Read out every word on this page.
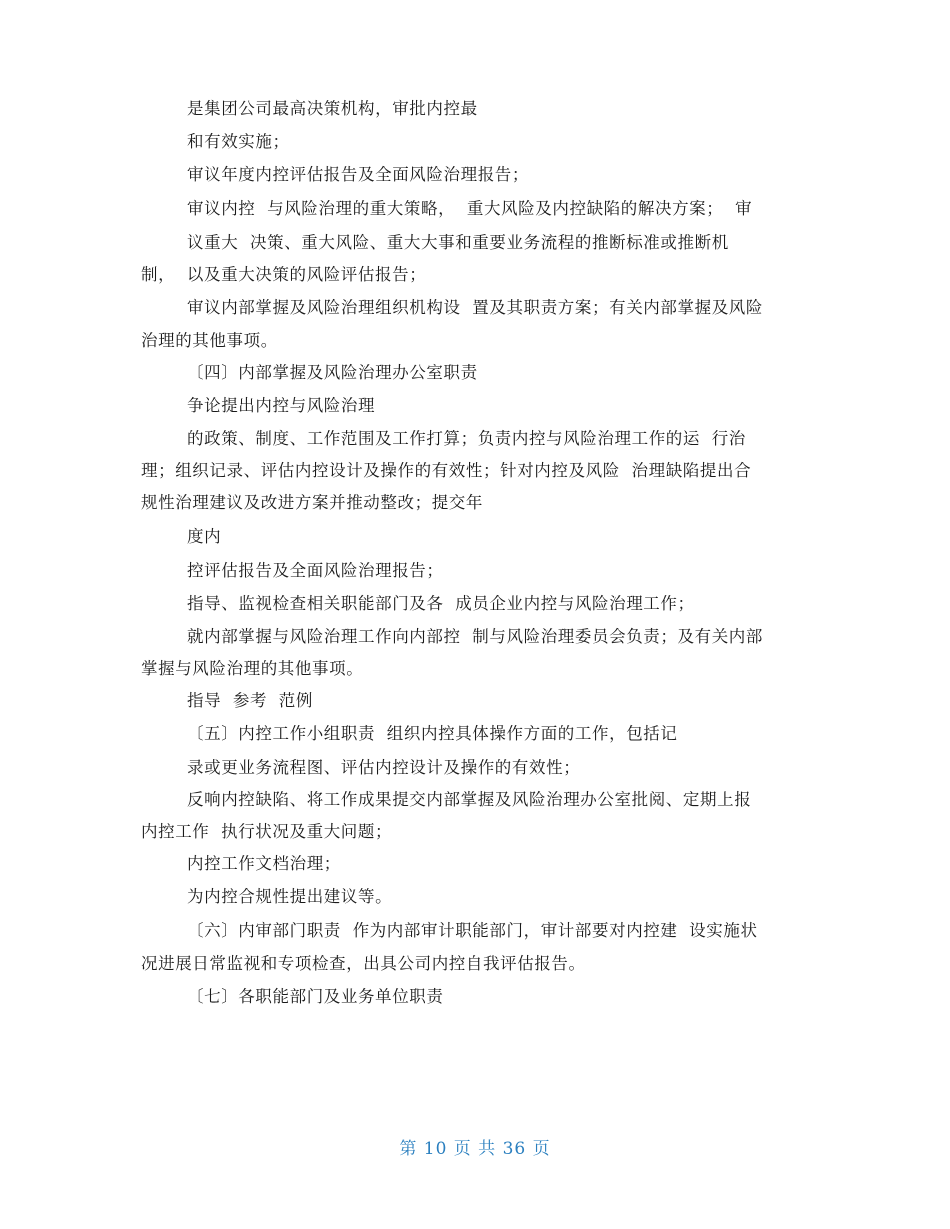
是集团公司最高决策机构，审批内控最
和有效实施；
审议年度内控评估报告及全面风险治理报告；
审议内控  与风险治理的重大策略，  重大风险及内控缺陷的解决方案；  审
议重大  决策、重大风险、重大大事和重要业务流程的推断标准或推断机
制，  以及重大决策的风险评估报告；
审议内部掌握及风险治理组织机构设  置及其职责方案；有关内部掌握及风险
治理的其他事项。
〔四〕内部掌握及风险治理办公室职责
争论提出内控与风险治理
的政策、制度、工作范围及工作打算；负责内控与风险治理工作的运  行治
理；组织记录、评估内控设计及操作的有效性；针对内控及风险  治理缺陷提出合
规性治理建议及改进方案并推动整改；提交年
度内
控评估报告及全面风险治理报告；
指导、监视检查相关职能部门及各  成员企业内控与风险治理工作；
就内部掌握与风险治理工作向内部控  制与风险治理委员会负责；及有关内部
掌握与风险治理的其他事项。
指导  参考  范例
〔五〕内控工作小组职责  组织内控具体操作方面的工作，包括记
录或更业务流程图、评估内控设计及操作的有效性；
反响内控缺陷、将工作成果提交内部掌握及风险治理办公室批阅、定期上报
内控工作  执行状况及重大问题；
内控工作文档治理；
为内控合规性提出建议等。
〔六〕内审部门职责  作为内部审计职能部门，审计部要对内控建  设实施状
况进展日常监视和专项检查，出具公司内控自我评估报告。
〔七〕各职能部门及业务单位职责
第 10 页 共 36 页
